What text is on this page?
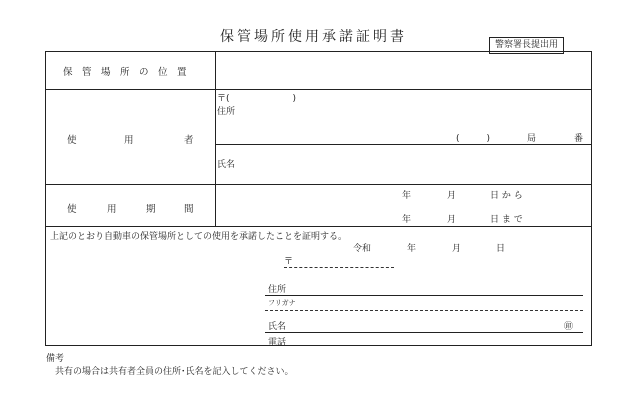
保管場所使用承諾証明書	警察署長提出用
保　管　場　所　の　位　置
使	用	者
〒(　　　　　　　)
住所
(　　　)	局	番
氏名
使	用	期	間
年	月	日 か ら
年	月	日 ま で
上記のとおり自動車の保管場所としての使用を承諾したことを証明する。
令和	年	月	日
〒
住所
フリガナ
氏名	㊞
電話
備考
共有の場合は共有者全員の住所･氏名を記入してください。
